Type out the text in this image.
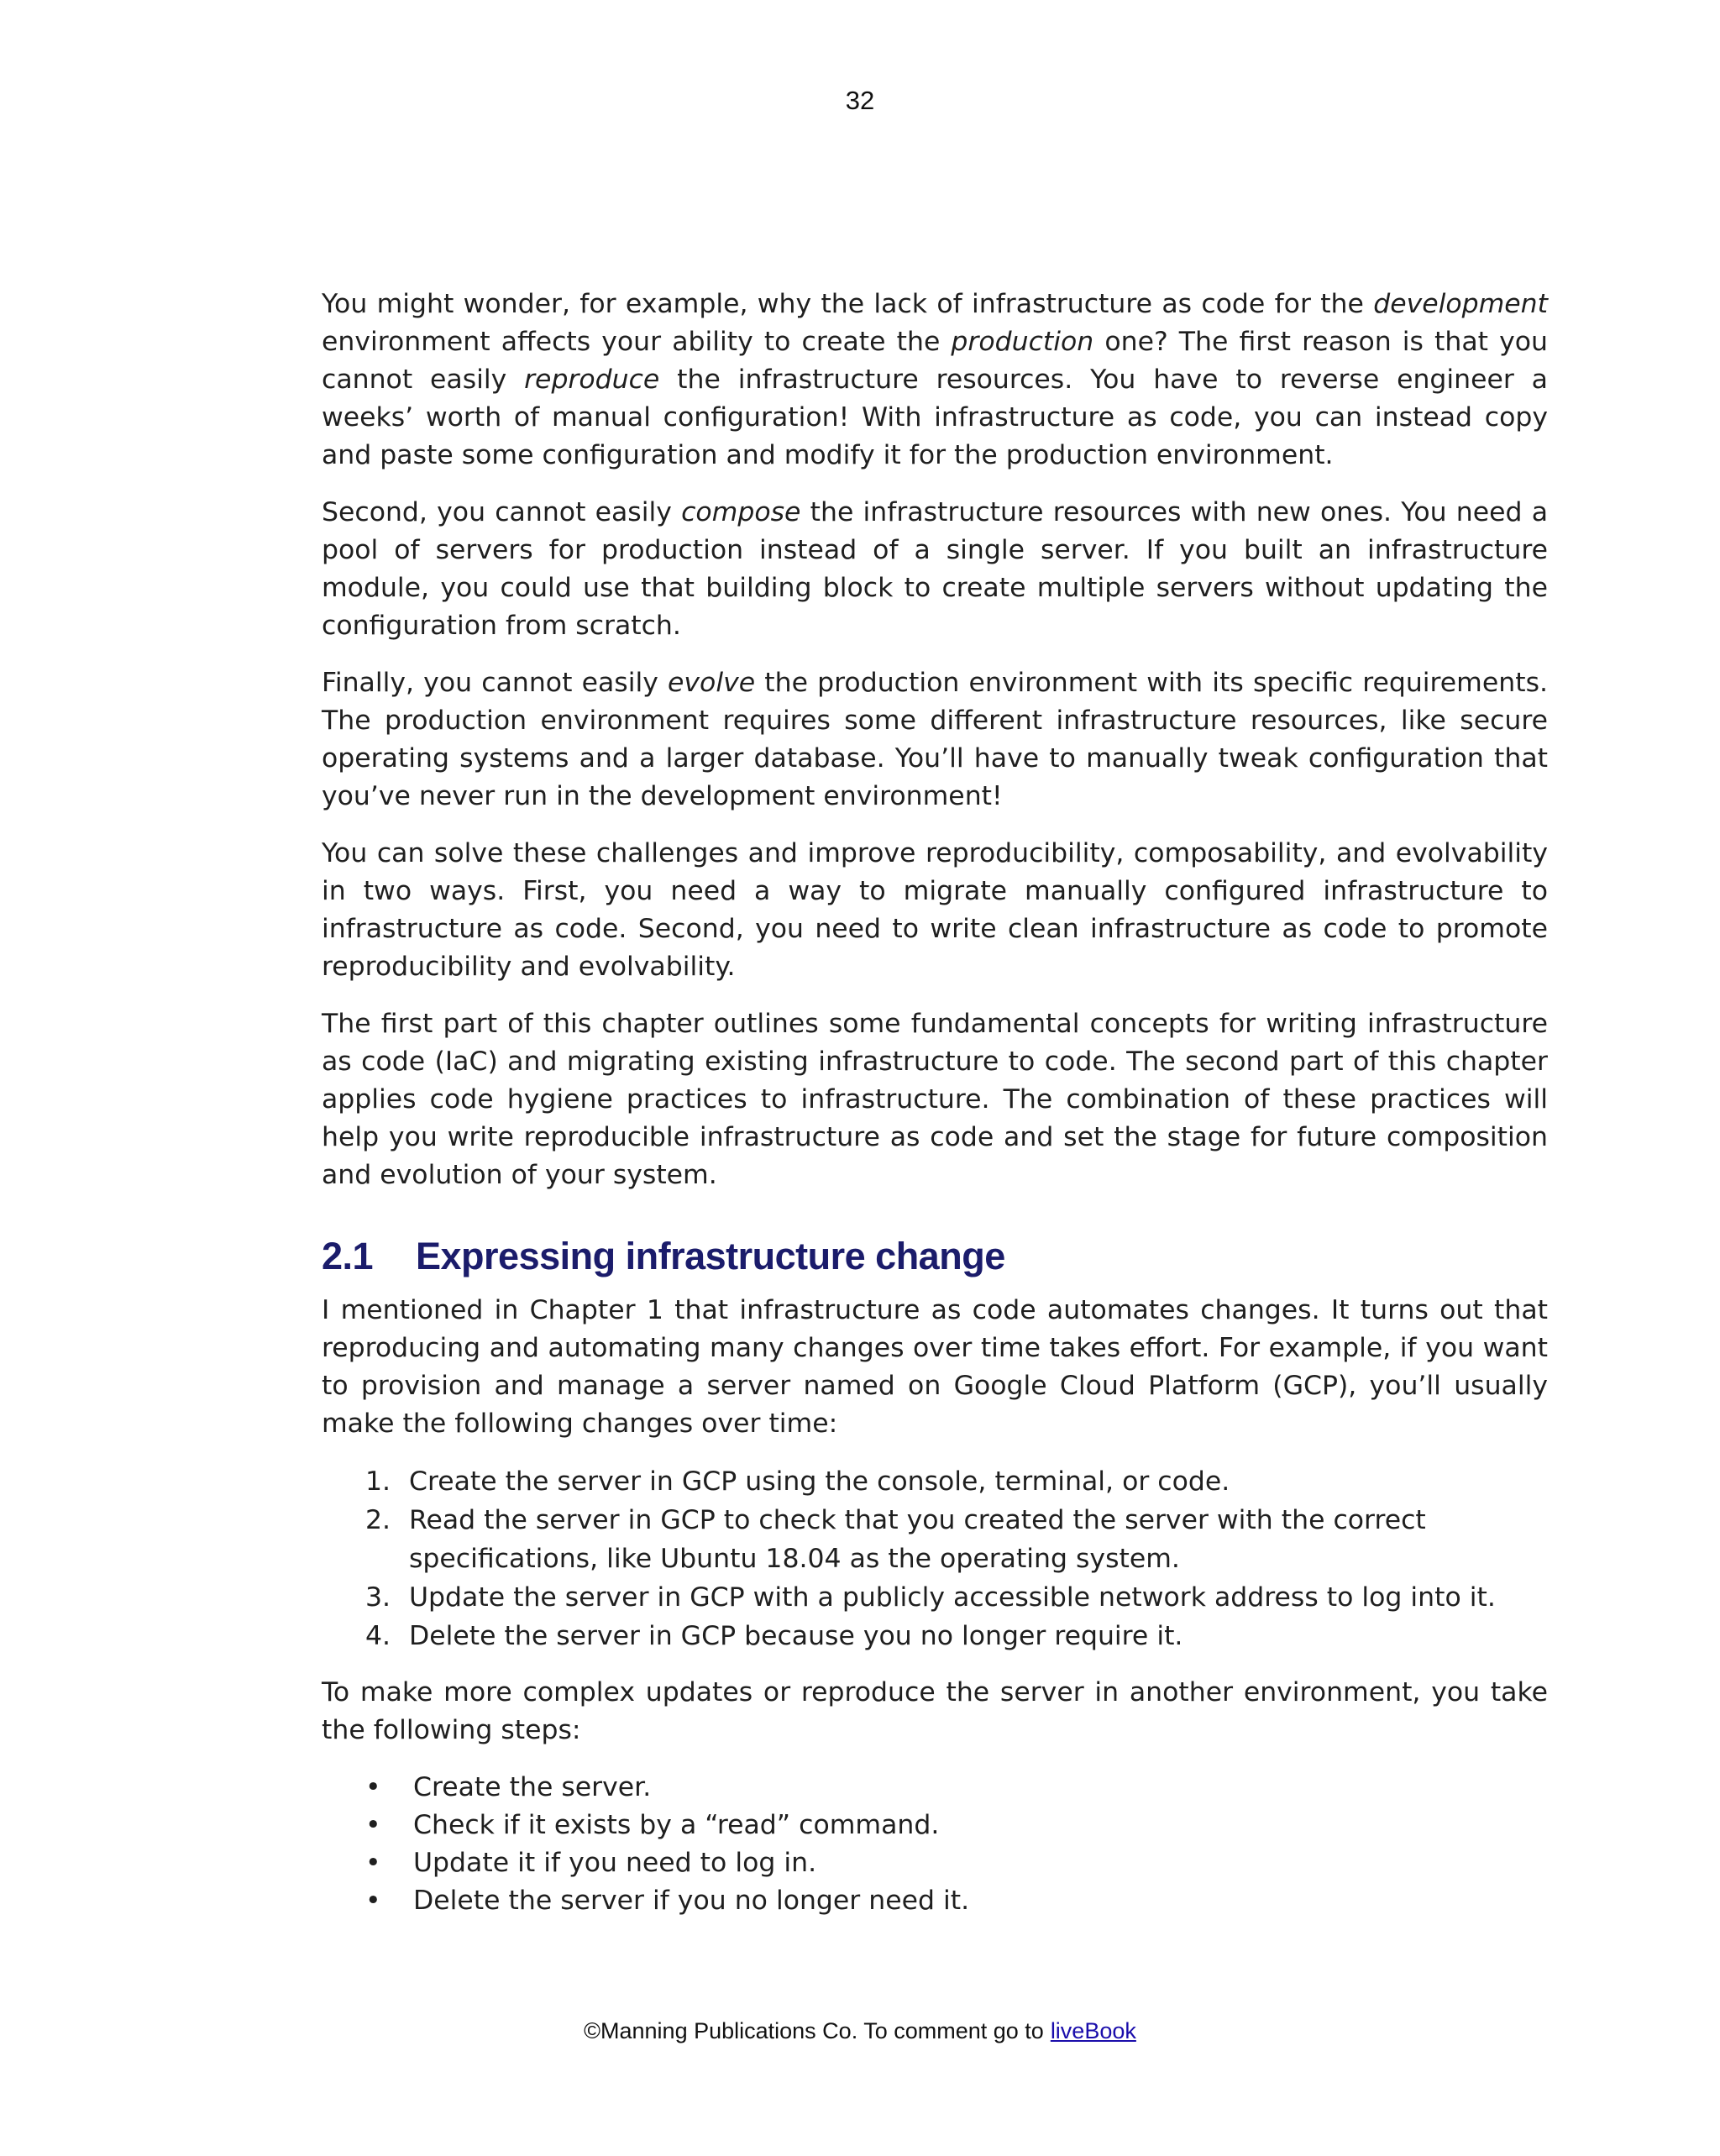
32

You might wonder, for example, why the lack of infrastructure as code for the development environment affects your ability to create the production one? The first reason is that you cannot easily reproduce the infrastructure resources. You have to reverse engineer a weeks’ worth of manual configuration! With infrastructure as code, you can instead copy and paste some configuration and modify it for the production environment.

Second, you cannot easily compose the infrastructure resources with new ones. You need a pool of servers for production instead of a single server. If you built an infrastructure module, you could use that building block to create multiple servers without updating the configuration from scratch.

Finally, you cannot easily evolve the production environment with its specific requirements. The production environment requires some different infrastructure resources, like secure operating systems and a larger database. You’ll have to manually tweak configuration that you’ve never run in the development environment!

You can solve these challenges and improve reproducibility, composability, and evolvability in two ways. First, you need a way to migrate manually configured infrastructure to infrastructure as code. Second, you need to write clean infrastructure as code to promote reproducibility and evolvability.

The first part of this chapter outlines some fundamental concepts for writing infrastructure as code (IaC) and migrating existing infrastructure to code. The second part of this chapter applies code hygiene practices to infrastructure. The combination of these practices will help you write reproducible infrastructure as code and set the stage for future composition and evolution of your system.

2.1 Expressing infrastructure change

I mentioned in Chapter 1 that infrastructure as code automates changes. It turns out that reproducing and automating many changes over time takes effort. For example, if you want to provision and manage a server named on Google Cloud Platform (GCP), you’ll usually make the following changes over time:

1. Create the server in GCP using the console, terminal, or code.
2. Read the server in GCP to check that you created the server with the correct specifications, like Ubuntu 18.04 as the operating system.
3. Update the server in GCP with a publicly accessible network address to log into it.
4. Delete the server in GCP because you no longer require it.

To make more complex updates or reproduce the server in another environment, you take the following steps:

• Create the server.
• Check if it exists by a “read” command.
• Update it if you need to log in.
• Delete the server if you no longer need it.
©Manning Publications Co. To comment go to liveBook
